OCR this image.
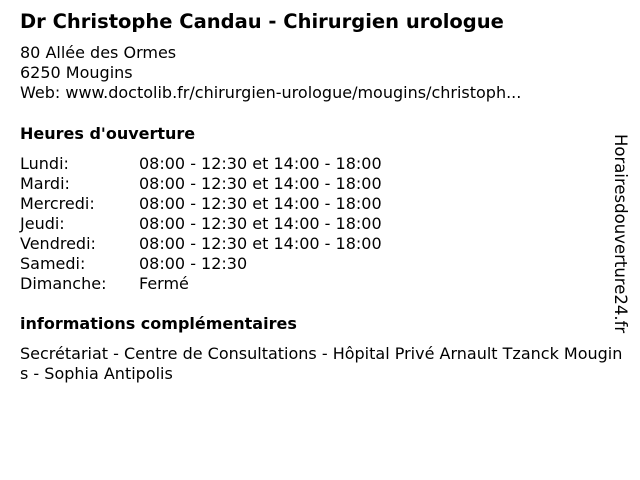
Dr Christophe Candau - Chirurgien urologue
80 Allée des Ormes
6250 Mougins
Web: www.doctolib.fr/chirurgien-urologue/mougins/christoph...
Heures d'ouverture
Lundi:	08:00 - 12:30 et 14:00 - 18:00
Mardi:	08:00 - 12:30 et 14:00 - 18:00
Mercredi:	08:00 - 12:30 et 14:00 - 18:00
Jeudi:	08:00 - 12:30 et 14:00 - 18:00
Vendredi:	08:00 - 12:30 et 14:00 - 18:00
Samedi:	08:00 - 12:30
Dimanche: Fermé
informations complémentaires
Secrétariat - Centre de Consultations - Hôpital Privé Arnault Tzanck Mougins - Sophia Antipolis
Horairesdouverture24.fr
